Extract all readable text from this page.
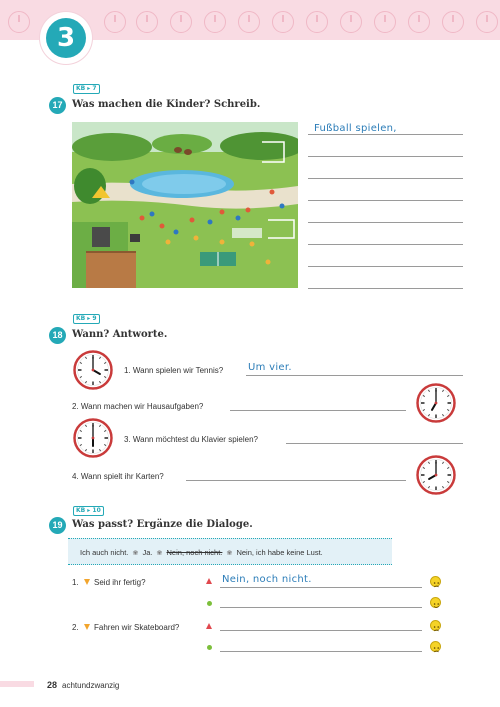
3
KB ▸ 7
17 Was machen die Kinder? Schreib.
Fußball spielen,
KB ▸ 9
18 Wann? Antworte.
1. Wann spielen wir Tennis? Um vier.
2. Wann machen wir Hausaufgaben?
3. Wann möchtest du Klavier spielen?
4. Wann spielt ihr Karten?
KB ▸ 10
19 Was passt? Ergänze die Dialoge.
Ich auch nicht. ❀ Ja. ❀ Nein, noch nicht. ❀ Nein, ich habe keine Lust.
1. Seid ihr fertig?	Nein, noch nicht.
2. Fahren wir Skateboard?
28 achtundzwanzig
